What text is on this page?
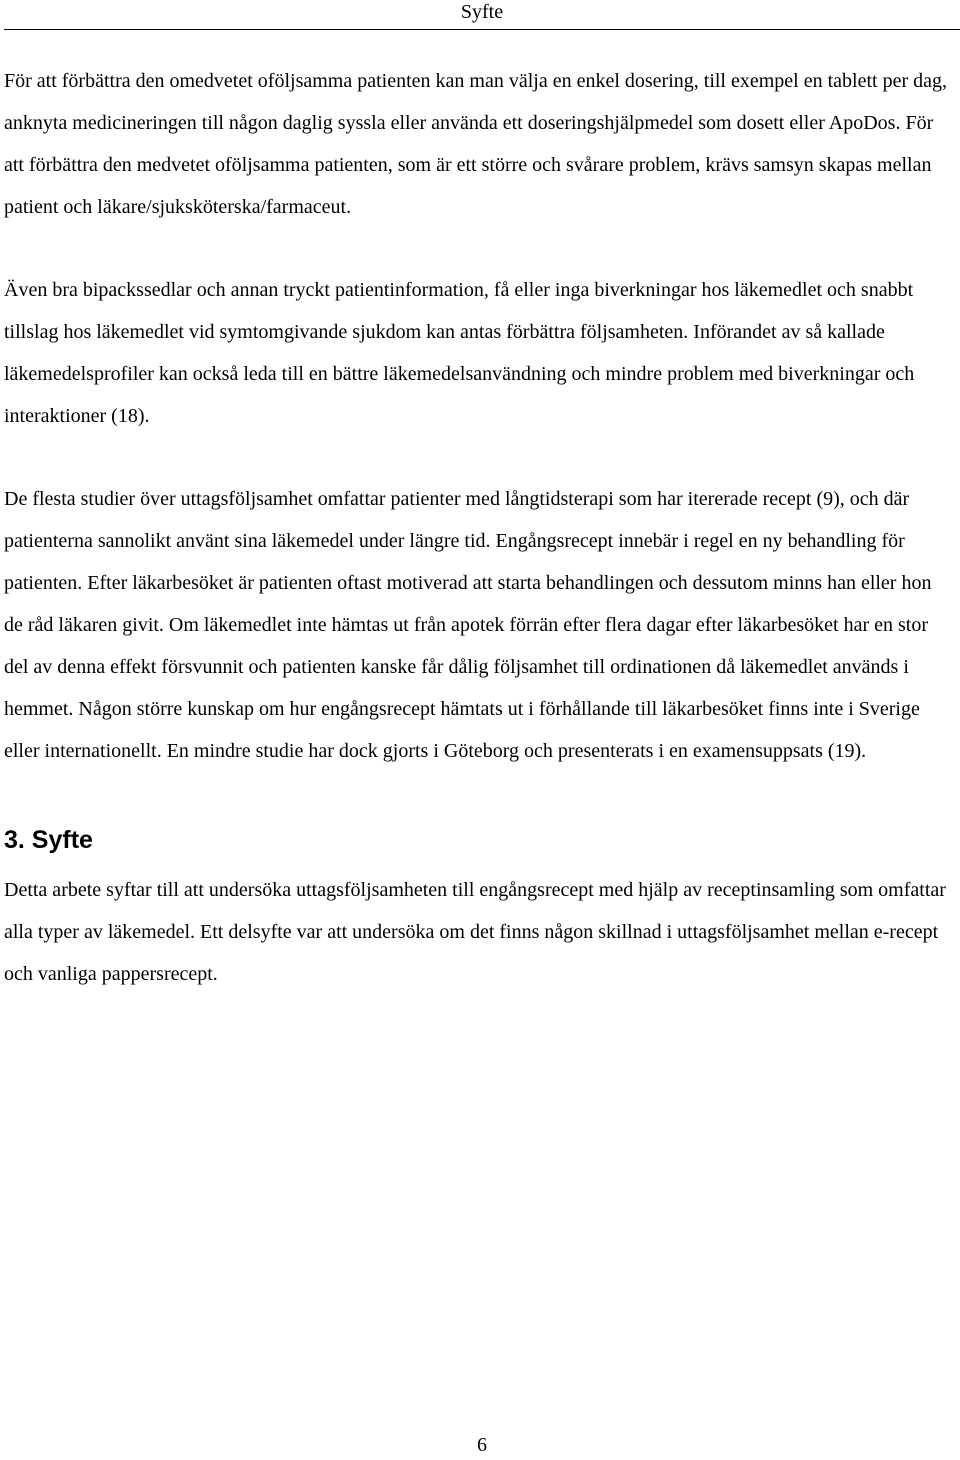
Syfte

För att förbättra den omedvetet oföljsamma patienten kan man välja en enkel dosering, till exempel en tablett per dag, anknyta medicineringen till någon daglig syssla eller använda ett doseringshjälpmedel som dosett eller ApoDos. För att förbättra den medvetet oföljsamma patienten, som är ett större och svårare problem, krävs samsyn skapas mellan patient och läkare/sjuksköterska/farmaceut.

Även bra bipackssedlar och annan tryckt patientinformation, få eller inga biverkningar hos läkemedlet och snabbt tillslag hos läkemedlet vid symtomgivande sjukdom kan antas förbättra följsamheten. Införandet av så kallade läkemedelsprofiler kan också leda till en bättre läkemedelsanvändning och mindre problem med biverkningar och interaktioner (18).

De flesta studier över uttagsföljsamhet omfattar patienter med långtidsterapi som har itererade recept (9), och där patienterna sannolikt använt sina läkemedel under längre tid. Engångsrecept innebär i regel en ny behandling för patienten. Efter läkarbesöket är patienten oftast motiverad att starta behandlingen och dessutom minns han eller hon de råd läkaren givit. Om läkemedlet inte hämtas ut från apotek förrän efter flera dagar efter läkarbesöket har en stor del av denna effekt försvunnit och patienten kanske får dålig följsamhet till ordinationen då läkemedlet används i hemmet. Någon större kunskap om hur engångsrecept hämtats ut i förhållande till läkarbesöket finns inte i Sverige eller internationellt. En mindre studie har dock gjorts i Göteborg och presenterats i en examensuppsats (19).

3. Syfte

Detta arbete syftar till att undersöka uttagsföljsamheten till engångsrecept med hjälp av receptinsamling som omfattar alla typer av läkemedel. Ett delsyfte var att undersöka om det finns någon skillnad i uttagsföljsamhet mellan e-recept och vanliga pappersrecept.

6
